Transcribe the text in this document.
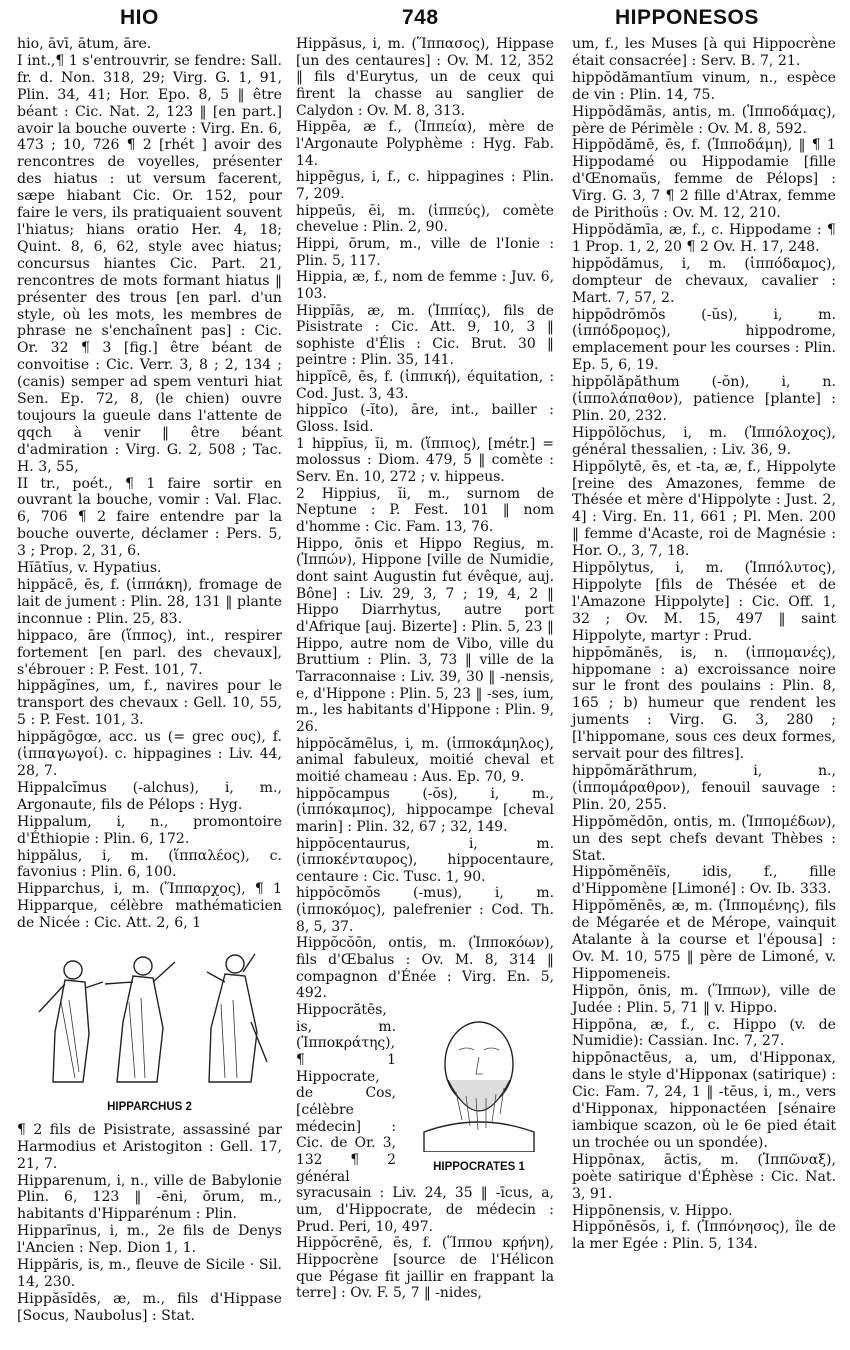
HIO	748	HIPPONESOS

hio, āvī, ātum, āre.

I int.,¶ 1 s'entrouvrir, se fendre: Sall. fr. d. Non. 318, 29; Virg. G. 1, 91, Plin. 34, 41; Hor. Epo. 8, 5 ‖ être béant : Cic. Nat. 2, 123 ‖ [en part.] avoir la bouche ouverte : Virg. En. 6, 473 ; 10, 726 ¶ 2 [rhét ] avoir des rencontres de voyelles, présenter des hiatus : ut versum facerent, sæpe hiabant Cic. Or. 152, pour faire le vers, ils pratiquaient souvent l'hiatus; hians oratio Her. 4, 18; Quint. 8, 6, 62, style avec hiatus; concursus hiantes Cic. Part. 21, rencontres de mots formant hiatus ‖ présenter des trous [en parl. d'un style, où les mots, les membres de phrase ne s'enchaînent pas] : Cic. Or. 32 ¶ 3 [fig.] être béant de convoitise : Cic. Verr. 3, 8 ; 2, 134 ; (canis) semper ad spem venturi hiat Sen. Ep. 72, 8, (le chien) ouvre toujours la gueule dans l'attente de qqch à venir ‖ être béant d'admiration : Virg. G. 2, 508 ; Tac. H. 3, 55,

II tr., poét., ¶ 1 faire sortir en ouvrant la bouche, vomir : Val. Flac. 6, 706 ¶ 2 faire entendre par la bouche ouverte, déclamer : Pers. 5, 3 ; Prop. 2, 31, 6.

Hĭātĭus, v. Hypatius.

hippăcē, ēs, f. (ἱππάκη), fromage de lait de jument : Plin. 28, 131 ‖ plante inconnue : Plin. 25, 83.

hippaco, āre (ἵππος), int., respirer fortement [en parl. des chevaux], s'ébrouer : P. Fest. 101, 7.

hippăgĭnes, um, f., navires pour le transport des chevaux : Gell. 10, 55, 5 : P. Fest. 101, 3.

hippăgōgœ, acc. us (= grec ους), f. (ἱππαγωγοί). c. hippagines : Liv. 44, 28, 7.

Hippalcĭmus (-alchus), i, m., Argonaute, fils de Pélops : Hyg.

Hippalum, i, n., promontoire d'Éthiopie : Plin. 6, 172.

hippălus, i, m. (ἵππαλέος), c. favonius : Plin. 6, 100.

Hipparchus, i, m. (Ἵππαρχος), ¶ 1 Hipparque, célèbre mathématicien de Nicée : Cic. Att. 2, 6, 1

HIPPARCHUS 2

¶ 2 fils de Pisistrate, assassiné par Harmodius et Aristogiton : Gell. 17, 21, 7.

Hipparenum, i, n., ville de Babylonie Plin. 6, 123 ‖ -ēni, ōrum, m., habitants d'Hipparénum : Plin.

Hipparīnus, i, m., 2e fils de Denys l'Ancien : Nep. Dion 1, 1.

Hippăris, is, m., fleuve de Sicile · Sil. 14, 230.

Hippăsĭdēs, æ, m., fils d'Hippase [Socus, Naubolus] : Stat.

Hippăsus, i, m. (Ἵππασος), Hippase [un des centaures] : Ov. M. 12, 352 ‖ fils d'Eurytus, un de ceux qui firent la chasse au sanglier de Calydon : Ov. M. 8, 313.

Hippēa, æ f., (Ἱππεία), mère de l'Argonaute Polyphème : Hyg. Fab. 14.

hippēgus, i, f., c. hippagines : Plin. 7, 209.

hippeūs, ĕi, m. (ἱππεύς), comète chevelue : Plin. 2, 90.

Hippi, ōrum, m., ville de l'Ionie : Plin. 5, 117.

Hippia, æ, f., nom de femme : Juv. 6, 103.

Hippĭās, æ, m. (Ἱππίας), fils de Pisistrate : Cic. Att. 9, 10, 3 ‖ sophiste d'Élis : Cic. Brut. 30 ‖ peintre : Plin. 35, 141.

hippĭcē, ēs, f. (ἱππική), équitation, : Cod. Just. 3, 43.

hippĭco (-ĭto), āre, int., bailler : Gloss. Isid.

1 hippĭus, ĭi, m. (ἵππιος), [métr.] = molossus : Diom. 479, 5 ‖ comète : Serv. En. 10, 272 ; v. hippeus.

2 Hippius, ĭi, m., surnom de Neptune : P. Fest. 101 ‖ nom d'homme : Cic. Fam. 13, 76.

Hippo, ōnis et Hippo Regius, m. (Ἱππών), Hippone [ville de Numidie, dont saint Augustin fut évêque, auj. Bône] : Liv. 29, 3, 7 ; 19, 4, 2 ‖ Hippo Diarrhytus, autre port d'Afrique [auj. Bizerte] : Plin. 5, 23 ‖ Hippo, autre nom de Vibo, ville du Bruttium : Plin. 3, 73 ‖ ville de la Tarraconnaise : Liv. 39, 30 ‖ -nensis, e, d'Hippone : Plin. 5, 23 ‖ -ses, ium, m., les habitants d'Hippone : Plin. 9, 26.

hippŏcămēlus, i, m. (ἱπποκάμηλος), animal fabuleux, moitié cheval et moitié chameau : Aus. Ep. 70, 9.

hippŏcampus (-ŏs), i, m., (ἱππόκαμπος), hippocampe [cheval marin] : Plin. 32, 67 ; 32, 149.

hippŏcentaurus, i, m. (ἱπποκένταυρος), hippocentaure, centaure : Cic. Tusc. 1, 90.

hippŏcŏmŏs (-mus), i, m. (ἱπποκόμος), palefrenier : Cod. Th. 8, 5, 37.

Hippŏcŏōn, ontis, m. (Ἱπποκόων), fils d'Œbalus : Ov. M. 8, 314 ‖ compagnon d'Énée : Virg. En. 5, 492.

HIPPOCRATES 1

Hippocrătēs, is, m. (Ἱπποκράτης), ¶ 1 Hippocrate, de Cos, [célèbre médecin] : Cic. de Or. 3, 132 ¶ 2 général syracusain : Liv. 24, 35 ‖ -īcus, a, um, d'Hippocrate, de médecin : Prud. Peri, 10, 497.

Hippŏcrēnē, ēs, f. (Ἵππου κρήνη), Hippocrène [source de l'Hélicon que Pégase fit jaillir en frappant la terre] : Ov. F. 5, 7 ‖ -nides,

um, f., les Muses [à qui Hippocrène était consacrée] : Serv. B. 7, 21.

hippŏdămantĭum vinum, n., espèce de vin : Plin. 14, 75.

Hippŏdămās, antis, m. (Ἱπποδάμας), père de Périmèle : Ov. M. 8, 592.

Hippŏdămē, ēs, f. (Ἱπποδάμη), ‖ ¶ 1 Hippodamé ou Hippodamie [fille d'Œnomaüs, femme de Pélops] : Virg. G. 3, 7 ¶ 2 fille d'Atrax, femme de Pirithoüs : Ov. M. 12, 210.

Hippŏdămīa, æ, f., c. Hippodame : ¶ 1 Prop. 1, 2, 20 ¶ 2 Ov. H. 17, 248.

hippŏdămus, i, m. (ἱππόδαμος), dompteur de chevaux, cavalier : Mart. 7, 57, 2.

hippŏdrŏmŏs (-ŭs), i, m. (ἱππόδρομος), hippodrome, emplacement pour les courses : Plin. Ep. 5, 6, 19.

hippŏlăpăthum (-ŏn), i, n. (ἱππολάπαθον), patience [plante] : Plin. 20, 232.

Hippŏlŏchus, i, m. (Ἱππόλοχος), général thessalien, : Liv. 36, 9.

Hippŏlytē, ēs, et -ta, æ, f., Hippolyte [reine des Amazones, femme de Thésée et mère d'Hippolyte : Just. 2, 4] : Virg. En. 11, 661 ; Pl. Men. 200 ‖ femme d'Acaste, roi de Magnésie : Hor. O., 3, 7, 18.

Hippŏlytus, i, m. (Ἱππόλυτος), Hippolyte [fils de Thésée et de l'Amazone Hippolyte] : Cic. Off. 1, 32 ; Ov. M. 15, 497 ‖ saint Hippolyte, martyr : Prud.

hippŏmănēs, is, n. (ἱππομανές), hippomane : a) excroissance noire sur le front des poulains : Plin. 8, 165 ; b) humeur que rendent les juments : Virg. G. 3, 280 ; [l'hippomane, sous ces deux formes, servait pour des filtres].

hippŏmărăthrum, i, n., (ἱππομάραθρον), fenouil sauvage : Plin. 20, 255.

Hippŏmĕdōn, ontis, m. (Ἱππομέδων), un des sept chefs devant Thèbes : Stat.

Hippŏmĕnēïs, idis, f., fille d'Hippomène [Limoné] : Ov. Ib. 333.

Hippŏmĕnēs, æ, m. (Ἱππομένης), fils de Mégarée et de Mérope, vainquit Atalante à la course et l'épousa] : Ov. M. 10, 575 ‖ père de Limoné, v. Hippomeneis.

Hippōn, ōnis, m. (Ἵππων), ville de Judée : Plin. 5, 71 ‖ v. Hippo.

Hippōna, æ, f., c. Hippo (v. de Numidie): Cassian. Inc. 7, 27.

hippōnactēus, a, um, d'Hipponax, dans le style d'Hipponax (satirique) : Cic. Fam. 7, 24, 1 ‖ -tēus, i, m., vers d'Hipponax, hipponactéen [sénaire iambique scazon, où le 6e pied était un trochée ou un spondée).

Hippōnax, āctis, m. (Ἱππῶναξ), poète satirique d'Éphèse : Cic. Nat. 3, 91.

Hippōnensis, v. Hippo.

Hippŏnēsŏs, i, f. (Ἱππόνησος), île de la mer Egée : Plin. 5, 134.
